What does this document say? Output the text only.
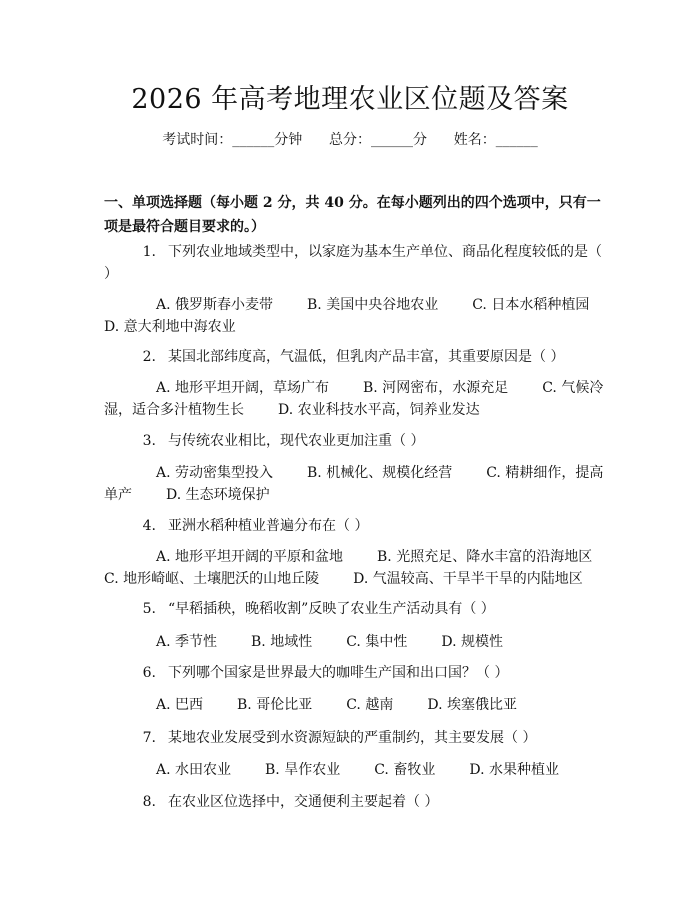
2026 年高考地理农业区位题及答案
考试时间：______分钟 总分：______分 姓名：______
一、单项选择题（每小题 2 分，共 40 分。在每小题列出的四个选项中，只有一项是最符合题目要求的。）
1. 下列农业地域类型中，以家庭为基本生产单位、商品化程度较低的是（ ）
A. 俄罗斯春小麦带 B. 美国中央谷地农业 C. 日本水稻种植园
D. 意大利地中海农业
2. 某国北部纬度高，气温低，但乳肉产品丰富，其重要原因是（ ）
A. 地形平坦开阔，草场广布 B. 河网密布，水源充足 C. 气候冷湿，适合多汁植物生长 D. 农业科技水平高，饲养业发达
3. 与传统农业相比，现代农业更加注重（ ）
A. 劳动密集型投入 B. 机械化、规模化经营 C. 精耕细作，提高单产 D. 生态环境保护
4. 亚洲水稻种植业普遍分布在（ ）
A. 地形平坦开阔的平原和盆地 B. 光照充足、降水丰富的沿海地区
C. 地形崎岖、土壤肥沃的山地丘陵 D. 气温较高、干旱半干旱的内陆地区
5. “早稻插秧，晚稻收割”反映了农业生产活动具有（ ）
A. 季节性 B. 地域性 C. 集中性 D. 规模性
6. 下列哪个国家是世界最大的咖啡生产国和出口国？（ ）
A. 巴西 B. 哥伦比亚 C. 越南 D. 埃塞俄比亚
7. 某地农业发展受到水资源短缺的严重制约，其主要发展（ ）
A. 水田农业 B. 旱作农业 C. 畜牧业 D. 水果种植业
8. 在农业区位选择中，交通便利主要起着（ ）
